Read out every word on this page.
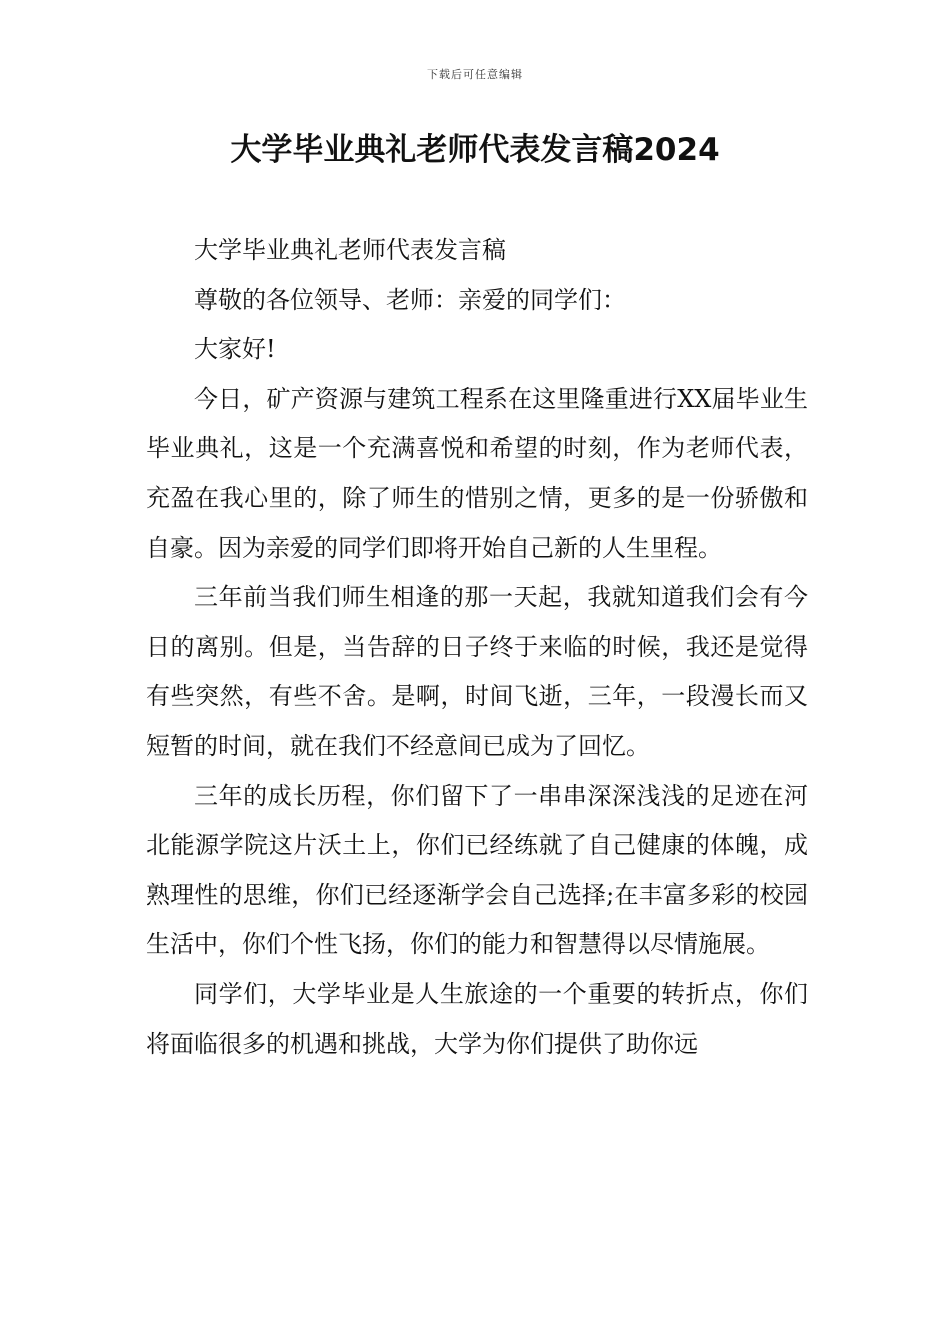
下载后可任意编辑
大学毕业典礼老师代表发言稿2024

大学毕业典礼老师代表发言稿

尊敬的各位领导、老师：亲爱的同学们：

大家好!

今日，矿产资源与建筑工程系在这里隆重进行XX届毕业生毕业典礼，这是一个充满喜悦和希望的时刻，作为老师代表，充盈在我心里的，除了师生的惜别之情，更多的是一份骄傲和自豪。因为亲爱的同学们即将开始自己新的人生里程。

三年前当我们师生相逢的那一天起，我就知道我们会有今日的离别。但是，当告辞的日子终于来临的时候，我还是觉得有些突然，有些不舍。是啊，时间飞逝，三年，一段漫长而又短暂的时间，就在我们不经意间已成为了回忆。

三年的成长历程，你们留下了一串串深深浅浅的足迹在河北能源学院这片沃土上，你们已经练就了自己健康的体魄，成熟理性的思维，你们已经逐渐学会自己选择;在丰富多彩的校园生活中，你们个性飞扬，你们的能力和智慧得以尽情施展。

同学们，大学毕业是人生旅途的一个重要的转折点，你们将面临很多的机遇和挑战，大学为你们提供了助你远
